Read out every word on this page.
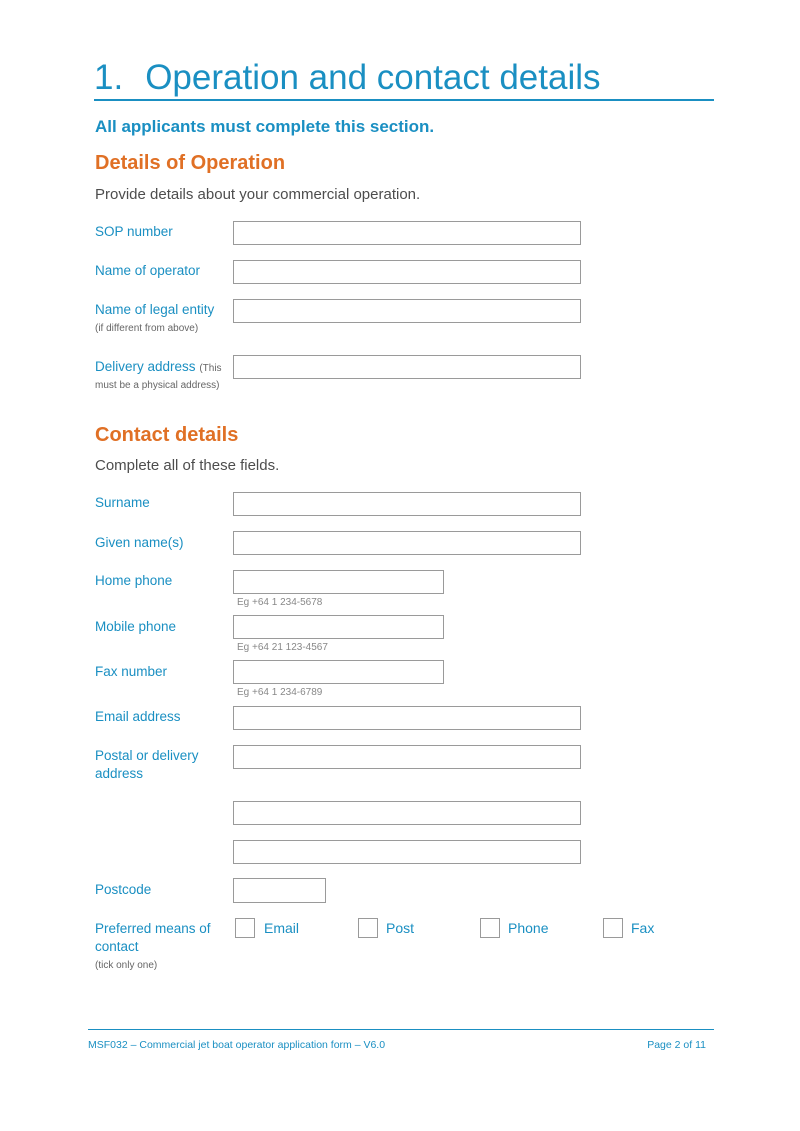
1. Operation and contact details
All applicants must complete this section.
Details of Operation
Provide details about your commercial operation.
SOP number
Name of operator
Name of legal entity
(if different from above)
Delivery address (This
must be a physical address)
Contact details
Complete all of these fields.
Surname
Given name(s)
Home phone
Eg +64 1 234-5678
Mobile phone
Eg +64 21 123-4567
Fax number
Eg +64 1 234-6789
Email address
Postal or delivery
address
Postcode
Preferred means of
contact
(tick only one)
Email	Post	Phone	Fax
MSF032 – Commercial jet boat operator application form – V6.0	Page 2 of 11
